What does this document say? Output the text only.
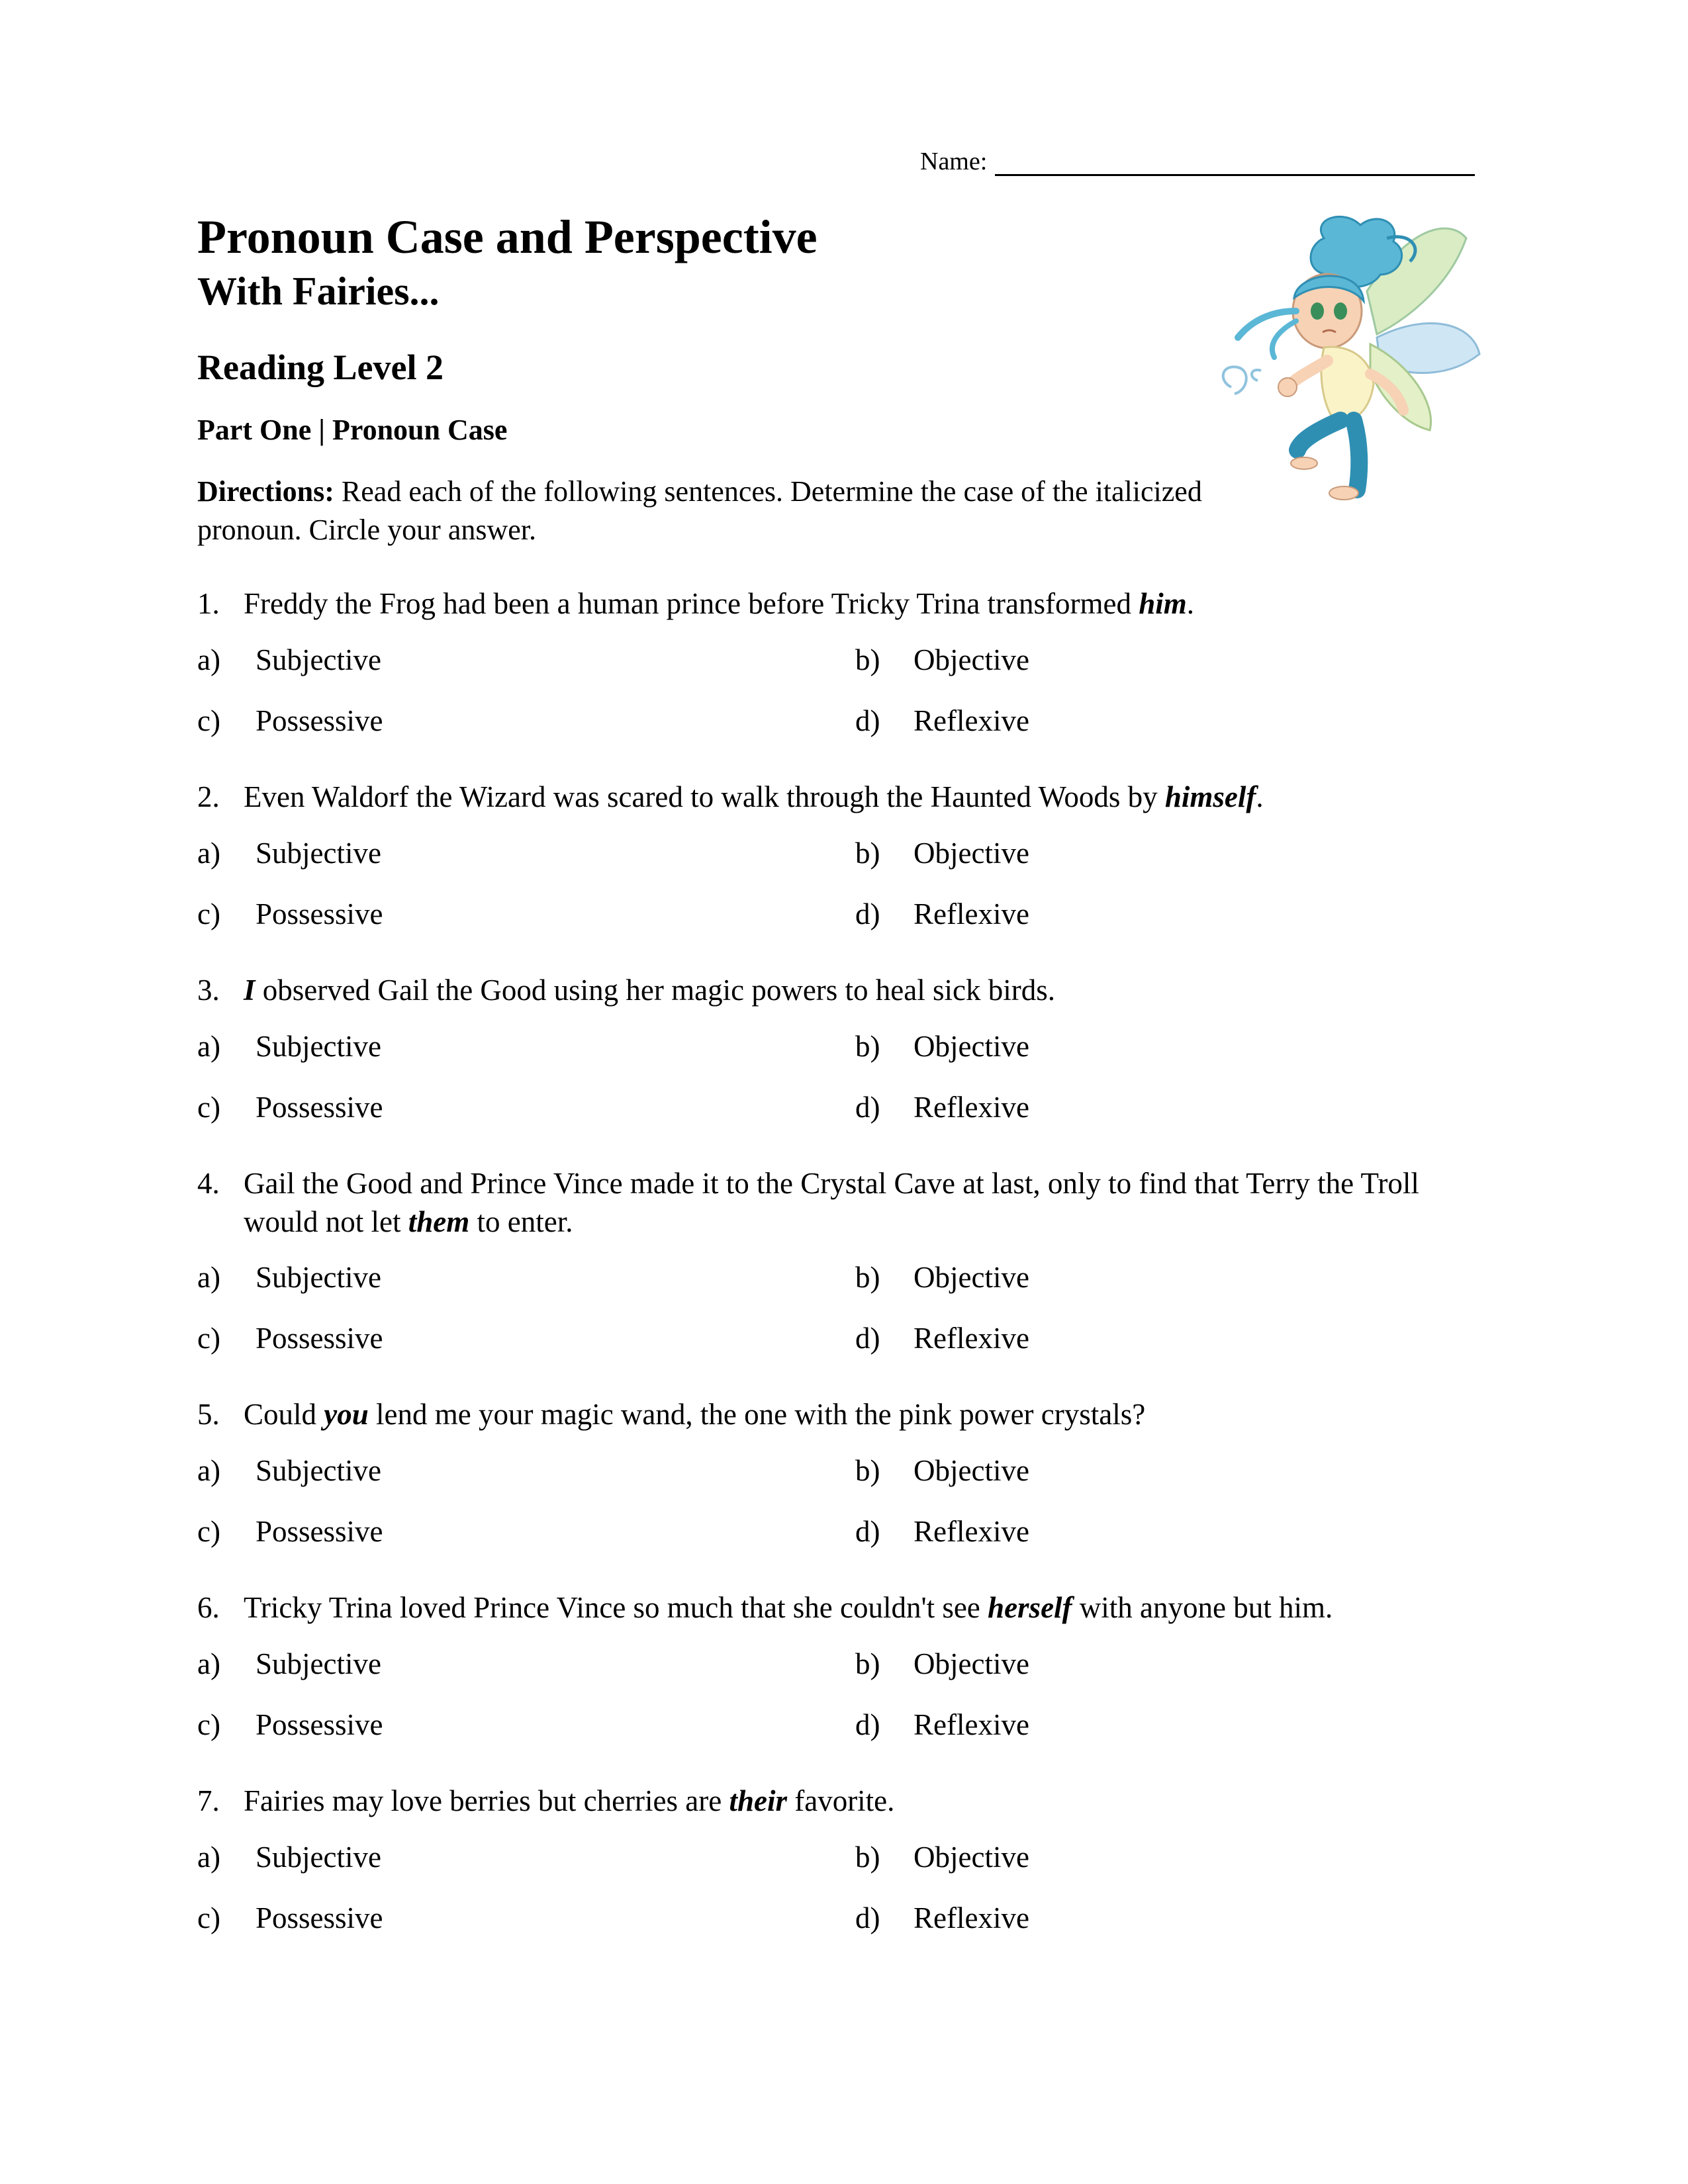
Name:
Pronoun Case and Perspective
With Fairies...
Reading Level 2
Part One | Pronoun Case
Directions: Read each of the following sentences. Determine the case of the italicized pronoun. Circle your answer.
1. Freddy the Frog had been a human prince before Tricky Trina transformed him.
a) Subjective	b) Objective
c) Possessive	d) Reflexive
2. Even Waldorf the Wizard was scared to walk through the Haunted Woods by himself.
a) Subjective	b) Objective
c) Possessive	d) Reflexive
3. I observed Gail the Good using her magic powers to heal sick birds.
a) Subjective	b) Objective
c) Possessive	d) Reflexive
4. Gail the Good and Prince Vince made it to the Crystal Cave at last, only to find that Terry the Troll would not let them to enter.
a) Subjective	b) Objective
c) Possessive	d) Reflexive
5. Could you lend me your magic wand, the one with the pink power crystals?
a) Subjective	b) Objective
c) Possessive	d) Reflexive
6. Tricky Trina loved Prince Vince so much that she couldn't see herself with anyone but him.
a) Subjective	b) Objective
c) Possessive	d) Reflexive
7. Fairies may love berries but cherries are their favorite.
a) Subjective	b) Objective
c) Possessive	d) Reflexive
